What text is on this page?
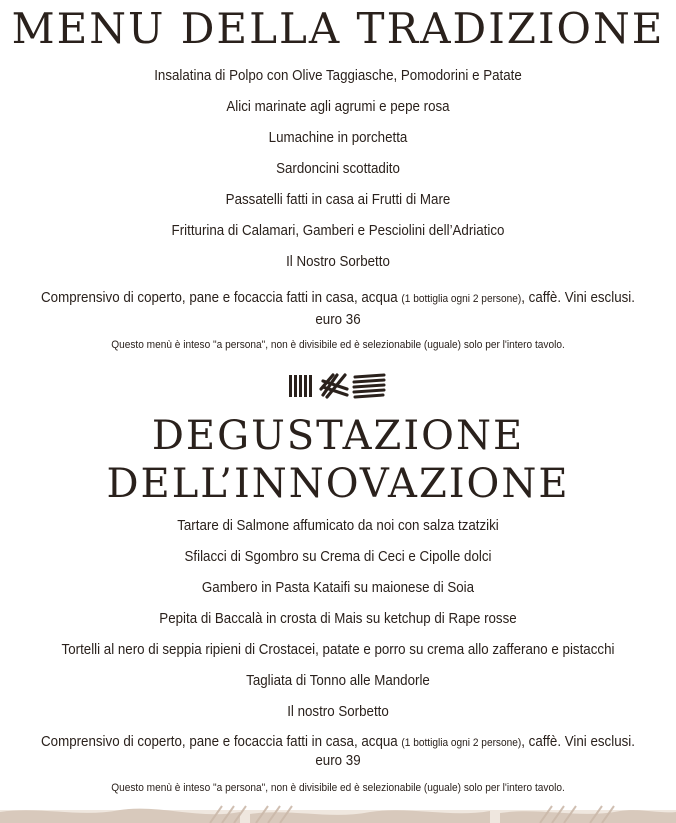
MENU DELLA TRADIZIONE
Insalatina di Polpo con Olive Taggiasche, Pomodorini e Patate
Alici marinate agli agrumi e pepe rosa
Lumachine in porchetta
Sardoncini scottadito
Passatelli fatti in casa ai Frutti di Mare
Fritturina di Calamari, Gamberi e Pesciolini dell’Adriatico
Il Nostro Sorbetto
Comprensivo di coperto, pane e focaccia fatti in casa, acqua (1 bottiglia ogni 2 persone), caffè. Vini esclusi.
euro 36
Questo menù è inteso "a persona", non è divisibile ed è selezionabile (uguale) solo per l'intero tavolo.
DEGUSTAZIONE
DELL’INNOVAZIONE
Tartare di Salmone affumicato da noi con salza tzatziki
Sfilacci di Sgombro su Crema di Ceci e Cipolle dolci
Gambero in Pasta Kataifi su maionese di Soia
Pepita di Baccalà in crosta di Mais su ketchup di Rape rosse
Tortelli al nero di seppia ripieni di Crostacei, patate e porro su crema allo zafferano e pistacchi
Tagliata di Tonno alle Mandorle
Il nostro Sorbetto
Comprensivo di coperto, pane e focaccia fatti in casa, acqua (1 bottiglia ogni 2 persone), caffè. Vini esclusi.
euro 39
Questo menù è inteso "a persona", non è divisibile ed è selezionabile (uguale) solo per l'intero tavolo.
